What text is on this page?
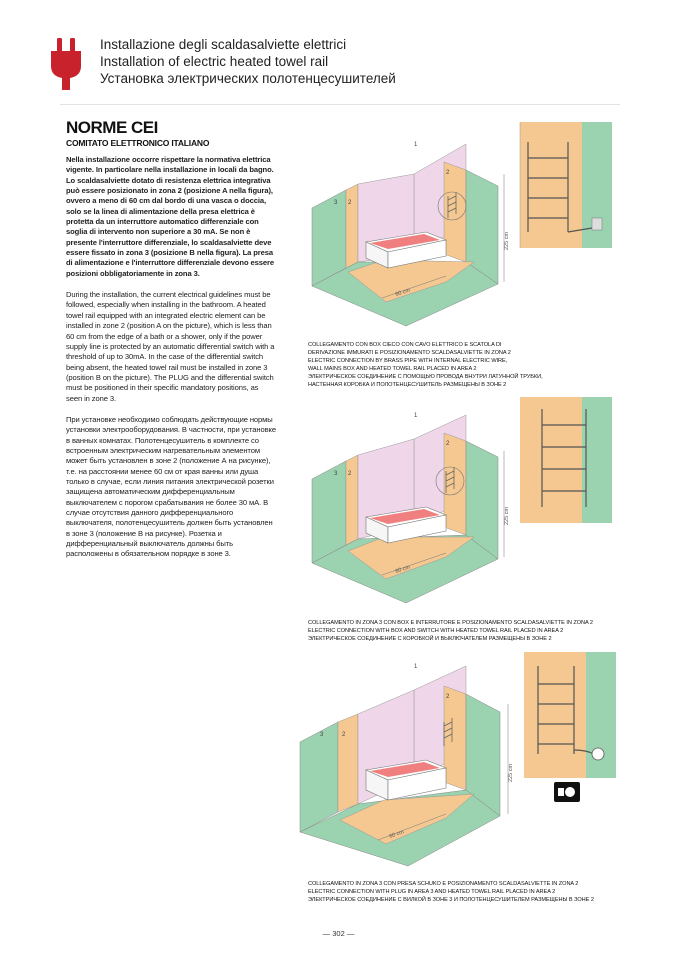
Installazione degli scaldasalviette elettrici
Installation of electric heated towel rail
Установка электрических полотенцесушителей
NORME CEI
COMITATO ELETTRONICO ITALIANO

Nella installazione occorre rispettare la normativa elettrica vigente. In particolare nella installazione in locali da bagno. Lo scaldasalviette dotato di resistenza elettrica integrativa può essere posizionato in zona 2 (posizione A nella figura), ovvero a meno di 60 cm dal bordo di una vasca o doccia, solo se la linea di alimentazione della presa elettrica è protetta da un interruttore automatico differenziale con soglia di intervento non superiore a 30 mA. Se non è presente l'interruttore differenziale, lo scaldasalviette deve essere fissato in zona 3 (posizione B nella figura). La presa di alimentazione e l'interruttore differenziale devono essere posizioni obbligatoriamente in zona 3.

During the installation, the current electrical guidelines must be followed, especially when installing in the bathroom. A heated towel rail equipped with an integrated electric element can be installed in zone 2 (position A on the picture), which is less than 60 cm from the edge of a bath or a shower, only if the power supply line is protected by an automatic differential switch with a threshold of up to 30mA. In the case of the differential switch being absent, the heated towel rail must be installed in zone 3 (position B on the picture). The PLUG and the differential switch must be positioned in their specific mandatory positions, as seen in zone 3.

При установке необходимо соблюдать действующие нормы установки электрооборудования. В частности, при установке в ванных комнатах. Полотенцесушитель в комплекте со встроенным электрическим нагревательным элементом может быть установлен в зоне 2 (положение А на рисунке), т.е. на расстоянии менее 60 см от края ванны или душа только в случае, если линия питания электрической розетки защищена автоматическим дифференциальным выключателем с порогом срабатывания не более 30 мА. В случае отсутствия данного дифференциального выключателя, полотенцесушитель должен быть установлен в зоне 3 (положение В на рисунке). Розетка и дифференциальный выключатель должны быть расположены в обязательном порядке в зоне 3.

1
2
3
2
225 cm
60 cm
COLLEGAMENTO CON BOX CIECO CON CAVO ELETTRICO E SCATOLA DI
DERIVAZIONE IMMURATI E POSIZIONAMENTO SCALDASALVIETTE IN ZONA 2
ELECTRIC CONNECTION BY BRASS PIPE WITH INTERNAL ELECTRIC WIRE,
WALL MAINS BOX AND HEATED TOWEL RAIL PLACED IN AREA 2
ЭЛЕКТРИЧЕСКОЕ СОЕДИНЕНИЕ С ПОМОЩЬЮ ПРОВОДА ВНУТРИ ЛАТУННОЙ ТРУБКИ,
НАСТЕННАЯ КОРОБКА И ПОЛОТЕНЦЕСУШИТЕЛЬ РАЗМЕЩЕНЫ В ЗОНЕ 2
1
2
3
2
225 cm
60 cm
COLLEGAMENTO IN ZONA 3 CON BOX E INTERRUTORE E POSIZIONAMENTO SCALDASALVIETTE IN ZONA 2
ELECTRIC CONNECTION WITH BOX AND SWITCH WITH HEATED TOWEL RAIL PLACED IN AREA 2
ЭЛЕКТРИЧЕСКОЕ СОЕДИНЕНИЕ С КОРОБКОЙ И ВЫКЛЮЧАТЕЛЕМ РАЗМЕЩЕНЫ В ЗОНЕ 2
1
2
3
2
225 cm
60 cm
COLLEGAMENTO IN ZONA 3 CON PRESA SCHUKO E POSIZIONAMENTO SCALDASALVIETTE IN ZONA 2
ELECTRIC CONNECTION WITH PLUG IN AREA 3 AND HEATED TOWEL RAIL PLACED IN AREA 2
ЭЛЕКТРИЧЕСКОЕ СОЕДИНЕНИЕ С ВИЛКОЙ В ЗОНЕ 3 И ПОЛОТЕНЦЕСУШИТЕЛЕМ РАЗМЕЩЕНЫ В ЗОНЕ 2
— 302 —
